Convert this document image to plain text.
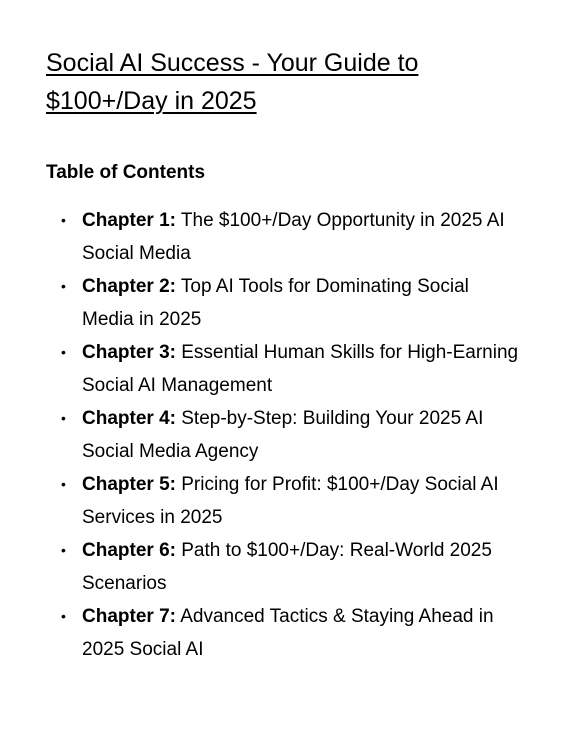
Social AI Success - Your Guide to $100+/Day in 2025
Table of Contents
• Chapter 1: The $100+/Day Opportunity in 2025 AI Social Media
• Chapter 2: Top AI Tools for Dominating Social Media in 2025
• Chapter 3: Essential Human Skills for High-Earning Social AI Management
• Chapter 4: Step-by-Step: Building Your 2025 AI Social Media Agency
• Chapter 5: Pricing for Profit: $100+/Day Social AI Services in 2025
• Chapter 6: Path to $100+/Day: Real-World 2025 Scenarios
• Chapter 7: Advanced Tactics & Staying Ahead in 2025 Social AI
